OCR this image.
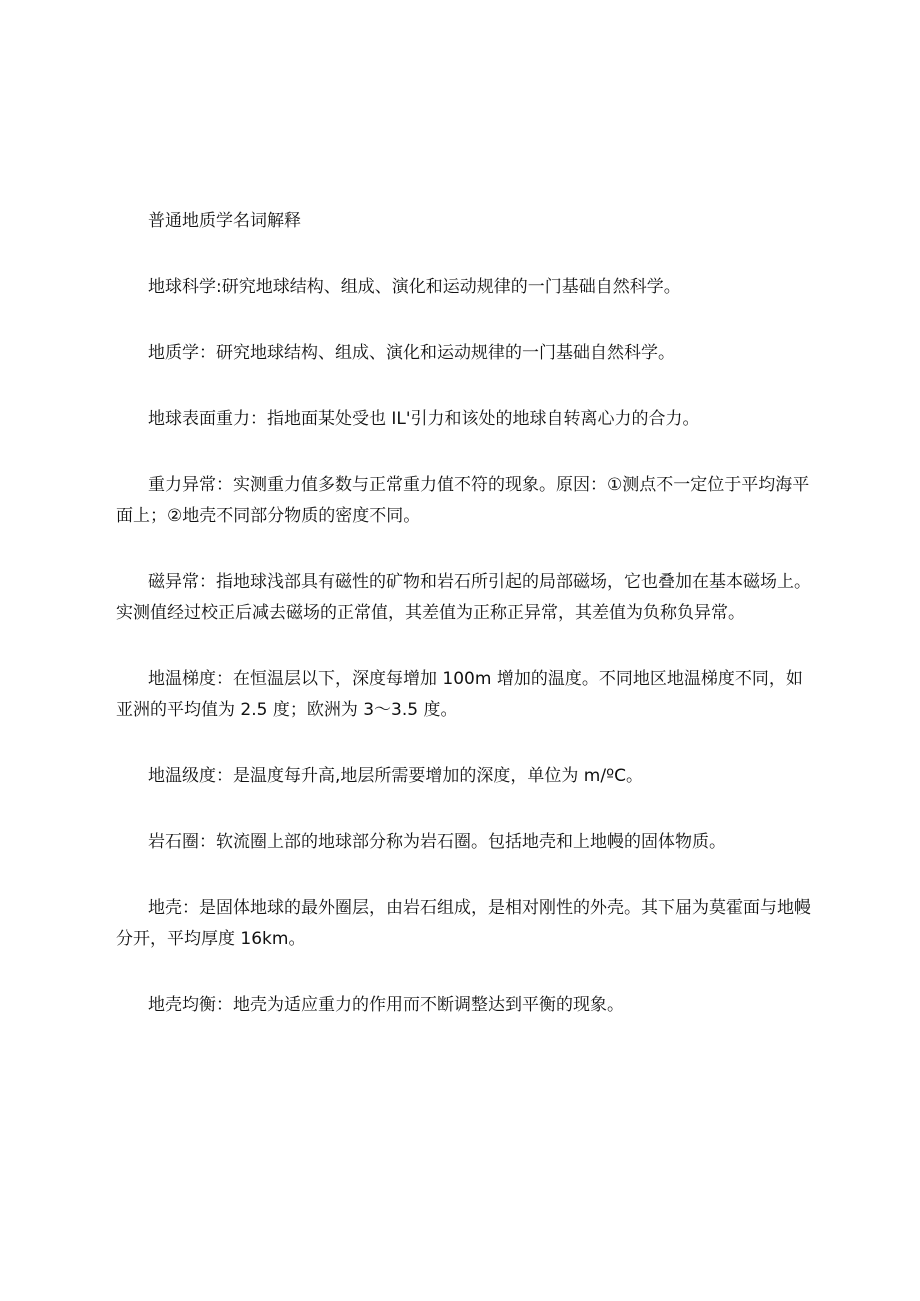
普通地质学名词解释

地球科学:研究地球结构、组成、演化和运动规律的一门基础自然科学。

地质学：研究地球结构、组成、演化和运动规律的一门基础自然科学。

地球表面重力：指地面某处受也 IL'引力和该处的地球自转离心力的合力。

重力异常：实测重力值多数与正常重力值不符的现象。原因：①测点不一定位于平均海平面上；②地壳不同部分物质的密度不同。

磁异常：指地球浅部具有磁性的矿物和岩石所引起的局部磁场，它也叠加在基本磁场上。实测值经过校正后减去磁场的正常值，其差值为正称正异常，其差值为负称负异常。

地温梯度：在恒温层以下，深度每增加 100m 增加的温度。不同地区地温梯度不同，如亚洲的平均值为 2.5 度；欧洲为 3～3.5 度。

地温级度：是温度每升高,地层所需要增加的深度，单位为 m/ºC。

岩石圈：软流圈上部的地球部分称为岩石圈。包括地壳和上地幔的固体物质。

地壳：是固体地球的最外圈层，由岩石组成，是相对刚性的外壳。其下届为莫霍面与地幔分开，平均厚度 16km。

地壳均衡：地壳为适应重力的作用而不断调整达到平衡的现象。
